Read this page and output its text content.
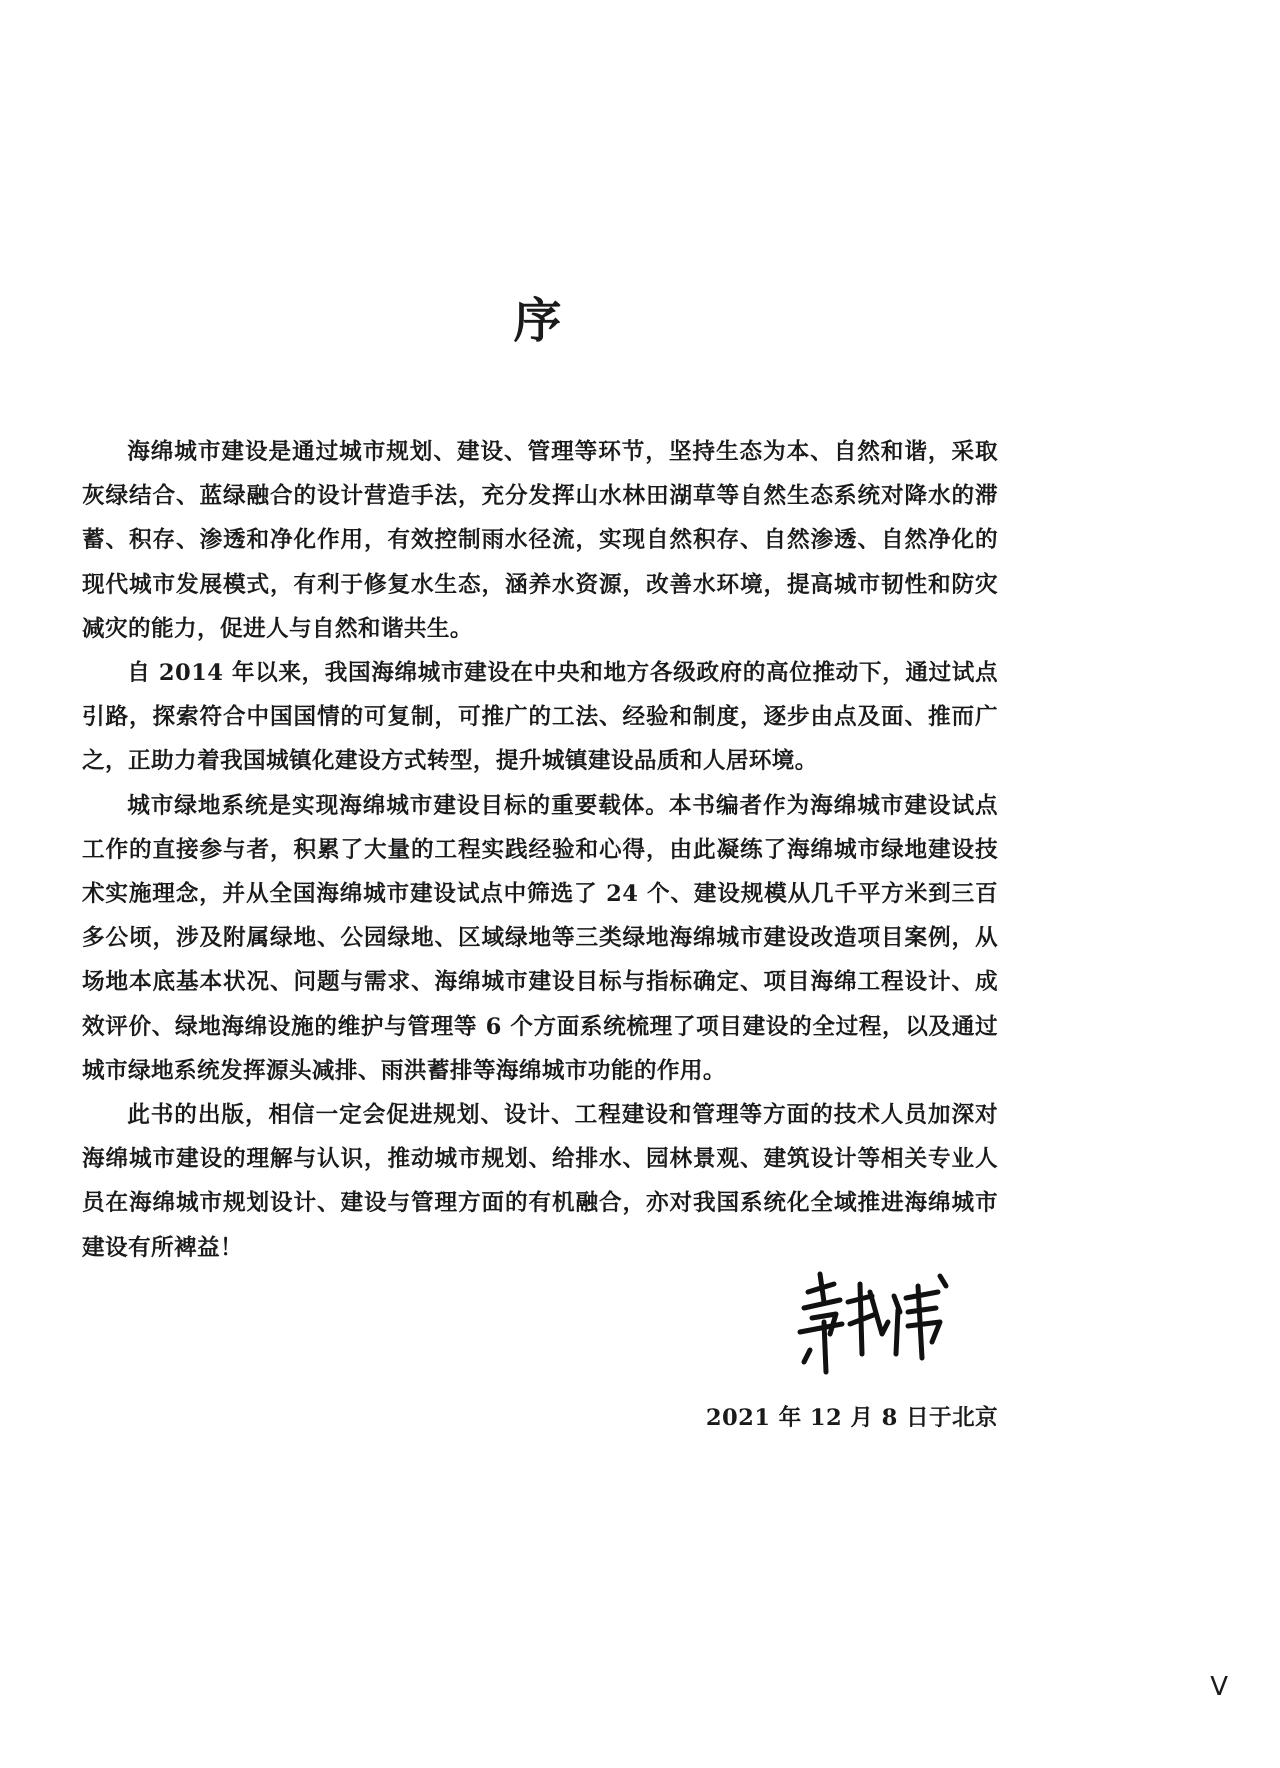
序

海绵城市建设是通过城市规划、建设、管理等环节，坚持生态为本、自然和谐，采取灰绿结合、蓝绿融合的设计营造手法，充分发挥山水林田湖草等自然生态系统对降水的滞蓄、积存、渗透和净化作用，有效控制雨水径流，实现自然积存、自然渗透、自然净化的现代城市发展模式，有利于修复水生态，涵养水资源，改善水环境，提高城市韧性和防灾减灾的能力，促进人与自然和谐共生。

自 2014 年以来，我国海绵城市建设在中央和地方各级政府的高位推动下，通过试点引路，探索符合中国国情的可复制，可推广的工法、经验和制度，逐步由点及面、推而广之，正助力着我国城镇化建设方式转型，提升城镇建设品质和人居环境。

城市绿地系统是实现海绵城市建设目标的重要载体。本书编者作为海绵城市建设试点工作的直接参与者，积累了大量的工程实践经验和心得，由此凝练了海绵城市绿地建设技术实施理念，并从全国海绵城市建设试点中筛选了 24 个、建设规模从几千平方米到三百多公顷，涉及附属绿地、公园绿地、区域绿地等三类绿地海绵城市建设改造项目案例，从场地本底基本状况、问题与需求、海绵城市建设目标与指标确定、项目海绵工程设计、成效评价、绿地海绵设施的维护与管理等 6 个方面系统梳理了项目建设的全过程，以及通过城市绿地系统发挥源头减排、雨洪蓄排等海绵城市功能的作用。

此书的出版，相信一定会促进规划、设计、工程建设和管理等方面的技术人员加深对海绵城市建设的理解与认识，推动城市规划、给排水、园林景观、建筑设计等相关专业人员在海绵城市规划设计、建设与管理方面的有机融合，亦对我国系统化全域推进海绵城市建设有所裨益！

2021 年 12 月 8 日于北京
V
